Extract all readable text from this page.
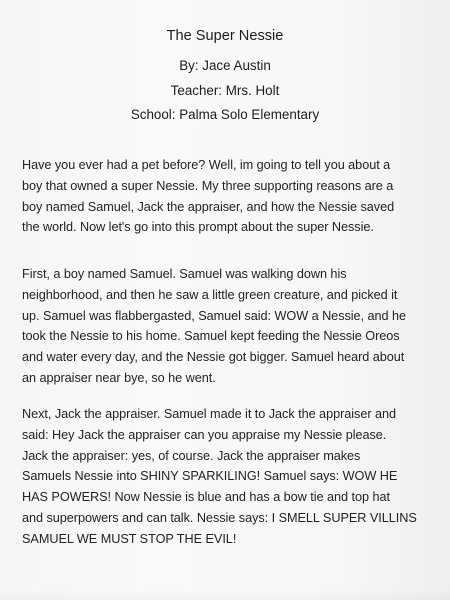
The Super Nessie
By: Jace Austin
Teacher: Mrs. Holt
School: Palma Solo Elementary
Have you ever had a pet before? Well, im going to tell you about a
boy that owned a super Nessie. My three supporting reasons are a
boy named Samuel, Jack the appraiser, and how the Nessie saved
the world. Now let's go into this prompt about the super Nessie.
First, a boy named Samuel. Samuel was walking down his
neighborhood, and then he saw a little green creature, and picked it
up. Samuel was flabbergasted, Samuel said: WOW a Nessie, and he
took the Nessie to his home. Samuel kept feeding the Nessie Oreos
and water every day, and the Nessie got bigger. Samuel heard about
an appraiser near bye, so he went.
Next, Jack the appraiser. Samuel made it to Jack the appraiser and
said: Hey Jack the appraiser can you appraise my Nessie please.
Jack the appraiser: yes, of course. Jack the appraiser makes
Samuels Nessie into SHINY SPARKILING! Samuel says: WOW HE
HAS POWERS! Now Nessie is blue and has a bow tie and top hat
and superpowers and can talk. Nessie says: I SMELL SUPER VILLINS
SAMUEL WE MUST STOP THE EVIL!
